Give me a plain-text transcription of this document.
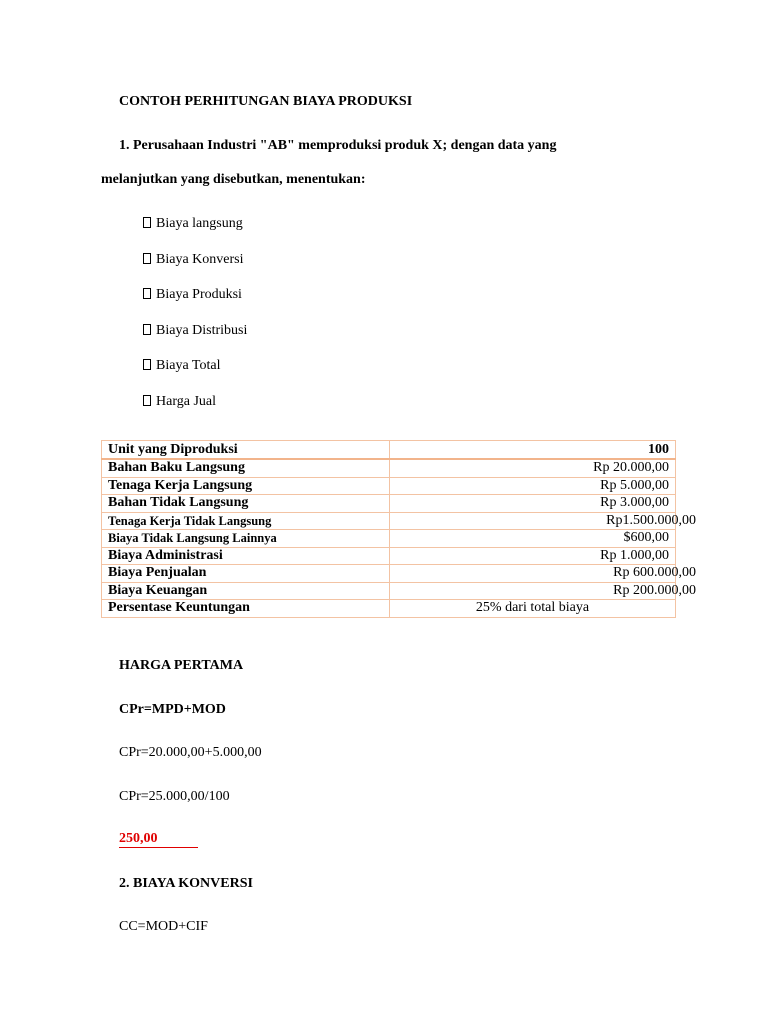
CONTOH PERHITUNGAN BIAYA PRODUKSI
1. Perusahaan Industri "AB" memproduksi produk X; dengan data yang
melanjutkan yang disebutkan, menentukan:
Biaya langsung
Biaya Konversi
Biaya Produksi
Biaya Distribusi
Biaya Total
Harga Jual
Unit yang Diproduksi	100
Bahan Baku Langsung	Rp 20.000,00
Tenaga Kerja Langsung	Rp 5.000,00
Bahan Tidak Langsung	Rp 3.000,00
Tenaga Kerja Tidak Langsung	Rp1.500.000,00
Biaya Tidak Langsung Lainnya	$600,00
Biaya Administrasi	Rp 1.000,00
Biaya Penjualan	Rp 600.000,00
Biaya Keuangan	Rp 200.000,00
Persentase Keuntungan	25% dari total biaya
HARGA PERTAMA
CPr=MPD+MOD
CPr=20.000,00+5.000,00
CPr=25.000,00/100
250,00
2. BIAYA KONVERSI
CC=MOD+CIF
